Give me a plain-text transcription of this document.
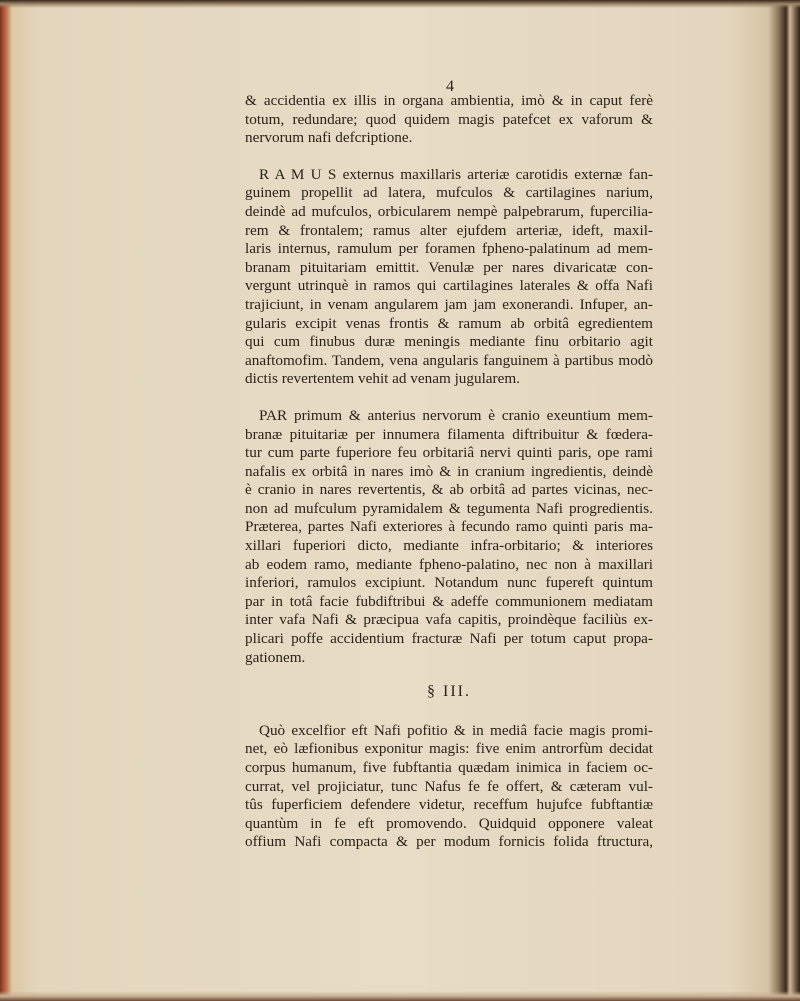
4
& accidentia ex illis in organa ambientia, imò & in caput ferè
totum, redundare; quod quidem magis patefcet ex vaforum &
nervorum nafi defcriptione.
R A M U S externus maxillaris arteriæ carotidis externæ fan-
guinem propellit ad latera, mufculos & cartilagines narium,
deindè ad mufculos, orbicularem nempè palpebrarum, fupercilia-
rem & frontalem; ramus alter ejufdem arteriæ, ideft, maxil-
laris internus, ramulum per foramen fpheno-palatinum ad mem-
branam pituitariam emittit. Venulæ per nares divaricatæ con-
vergunt utrinquè in ramos qui cartilagines laterales & offa Nafi
trajiciunt, in venam angularem jam jam exonerandi. Infuper, an-
gularis excipit venas frontis & ramum ab orbitâ egredientem
qui cum finubus duræ meningis mediante finu orbitario agit
anaftomofim. Tandem, vena angularis fanguinem à partibus modò
dictis revertentem vehit ad venam jugularem.
PAR primum & anterius nervorum è cranio exeuntium mem-
branæ pituitariæ per innumera filamenta diftribuitur & fœdera-
tur cum parte fuperiore feu orbitariâ nervi quinti paris, ope rami
nafalis ex orbitâ in nares imò & in cranium ingredientis, deindè
è cranio in nares revertentis, & ab orbitâ ad partes vicinas, nec-
non ad mufculum pyramidalem & tegumenta Nafi progredientis.
Præterea, partes Nafi exteriores à fecundo ramo quinti paris ma-
xillari fuperiori dicto, mediante infra-orbitario; & interiores
ab eodem ramo, mediante fpheno-palatino, nec non à maxillari
inferiori, ramulos excipiunt. Notandum nunc fupereft quintum
par in totâ facie fubdiftribui & adeffe communionem mediatam
inter vafa Nafi & præcipua vafa capitis, proindèque faciliùs ex-
plicari poffe accidentium fracturæ Nafi per totum caput propa-
gationem.
§ III.
Quò excelfior eft Nafi pofitio & in mediâ facie magis promi-
net, eò læfionibus exponitur magis: five enim antrorfùm decidat
corpus humanum, five fubftantia quædam inimica in faciem oc-
currat, vel projiciatur, tunc Nafus fe fe offert, & cæteram vul-
tûs fuperficiem defendere videtur, receffum hujufce fubftantiæ
quantùm in fe eft promovendo. Quidquid opponere valeat
offium Nafi compacta & per modum fornicis folida ftructura,
